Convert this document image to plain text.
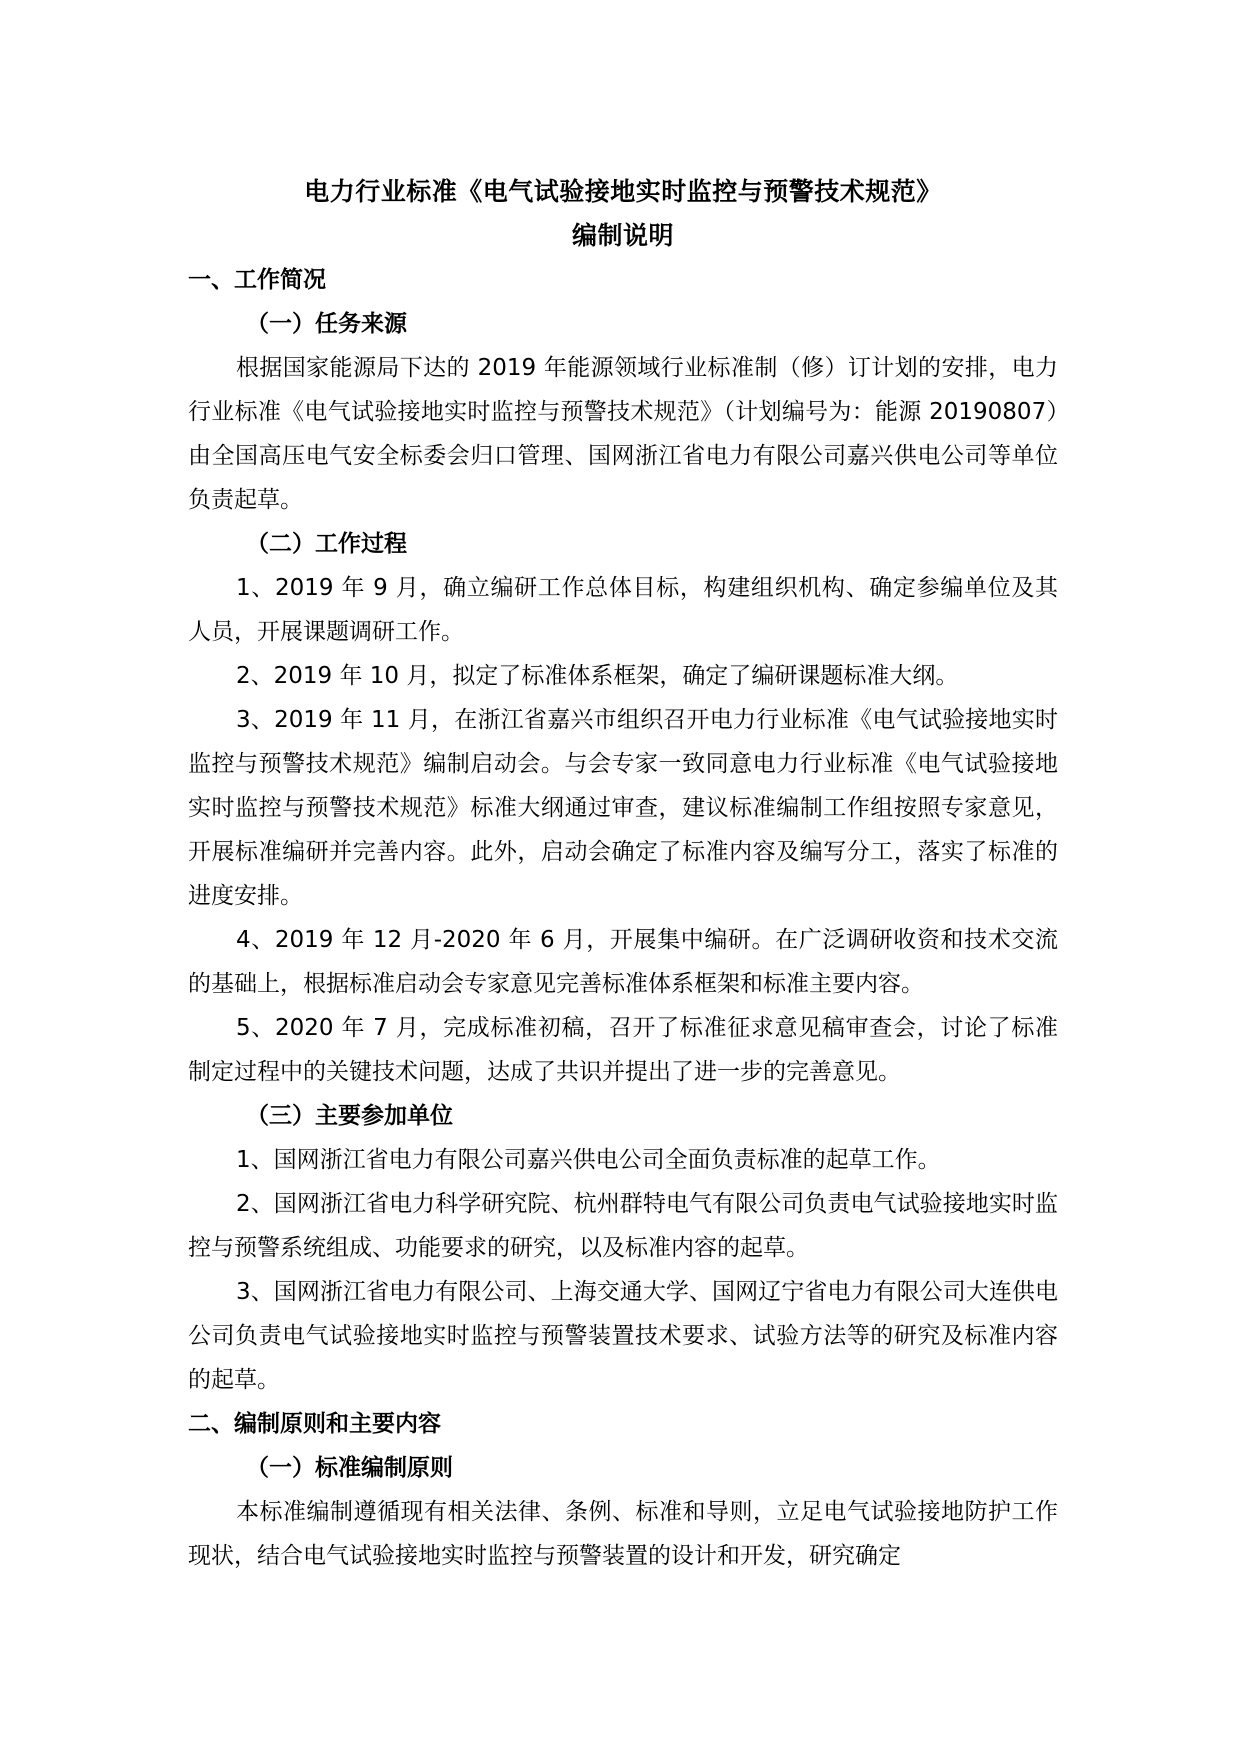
电力行业标准《电气试验接地实时监控与预警技术规范》
编制说明
一、工作简况
（一）任务来源

根据国家能源局下达的 2019 年能源领域行业标准制（修）订计划的安排，电力行业标准《电气试验接地实时监控与预警技术规范》（计划编号为：能源 20190807）由全国高压电气安全标委会归口管理、国网浙江省电力有限公司嘉兴供电公司等单位负责起草。

（二）工作过程

1、2019 年 9 月，确立编研工作总体目标，构建组织机构、确定参编单位及其人员，开展课题调研工作。

2、2019 年 10 月，拟定了标准体系框架，确定了编研课题标准大纲。

3、2019 年 11 月，在浙江省嘉兴市组织召开电力行业标准《电气试验接地实时监控与预警技术规范》编制启动会。与会专家一致同意电力行业标准《电气试验接地实时监控与预警技术规范》标准大纲通过审查，建议标准编制工作组按照专家意见，开展标准编研并完善内容。此外，启动会确定了标准内容及编写分工，落实了标准的进度安排。

4、2019 年 12 月-2020 年 6 月，开展集中编研。在广泛调研收资和技术交流的基础上，根据标准启动会专家意见完善标准体系框架和标准主要内容。

5、2020 年 7 月，完成标准初稿，召开了标准征求意见稿审查会，讨论了标准制定过程中的关键技术问题，达成了共识并提出了进一步的完善意见。

（三）主要参加单位

1、国网浙江省电力有限公司嘉兴供电公司全面负责标准的起草工作。

2、国网浙江省电力科学研究院、杭州群特电气有限公司负责电气试验接地实时监控与预警系统组成、功能要求的研究，以及标准内容的起草。

3、国网浙江省电力有限公司、上海交通大学、国网辽宁省电力有限公司大连供电公司负责电气试验接地实时监控与预警装置技术要求、试验方法等的研究及标准内容的起草。

二、编制原则和主要内容
（一）标准编制原则

本标准编制遵循现有相关法律、条例、标准和导则，立足电气试验接地防护工作现状，结合电气试验接地实时监控与预警装置的设计和开发，研究确定
